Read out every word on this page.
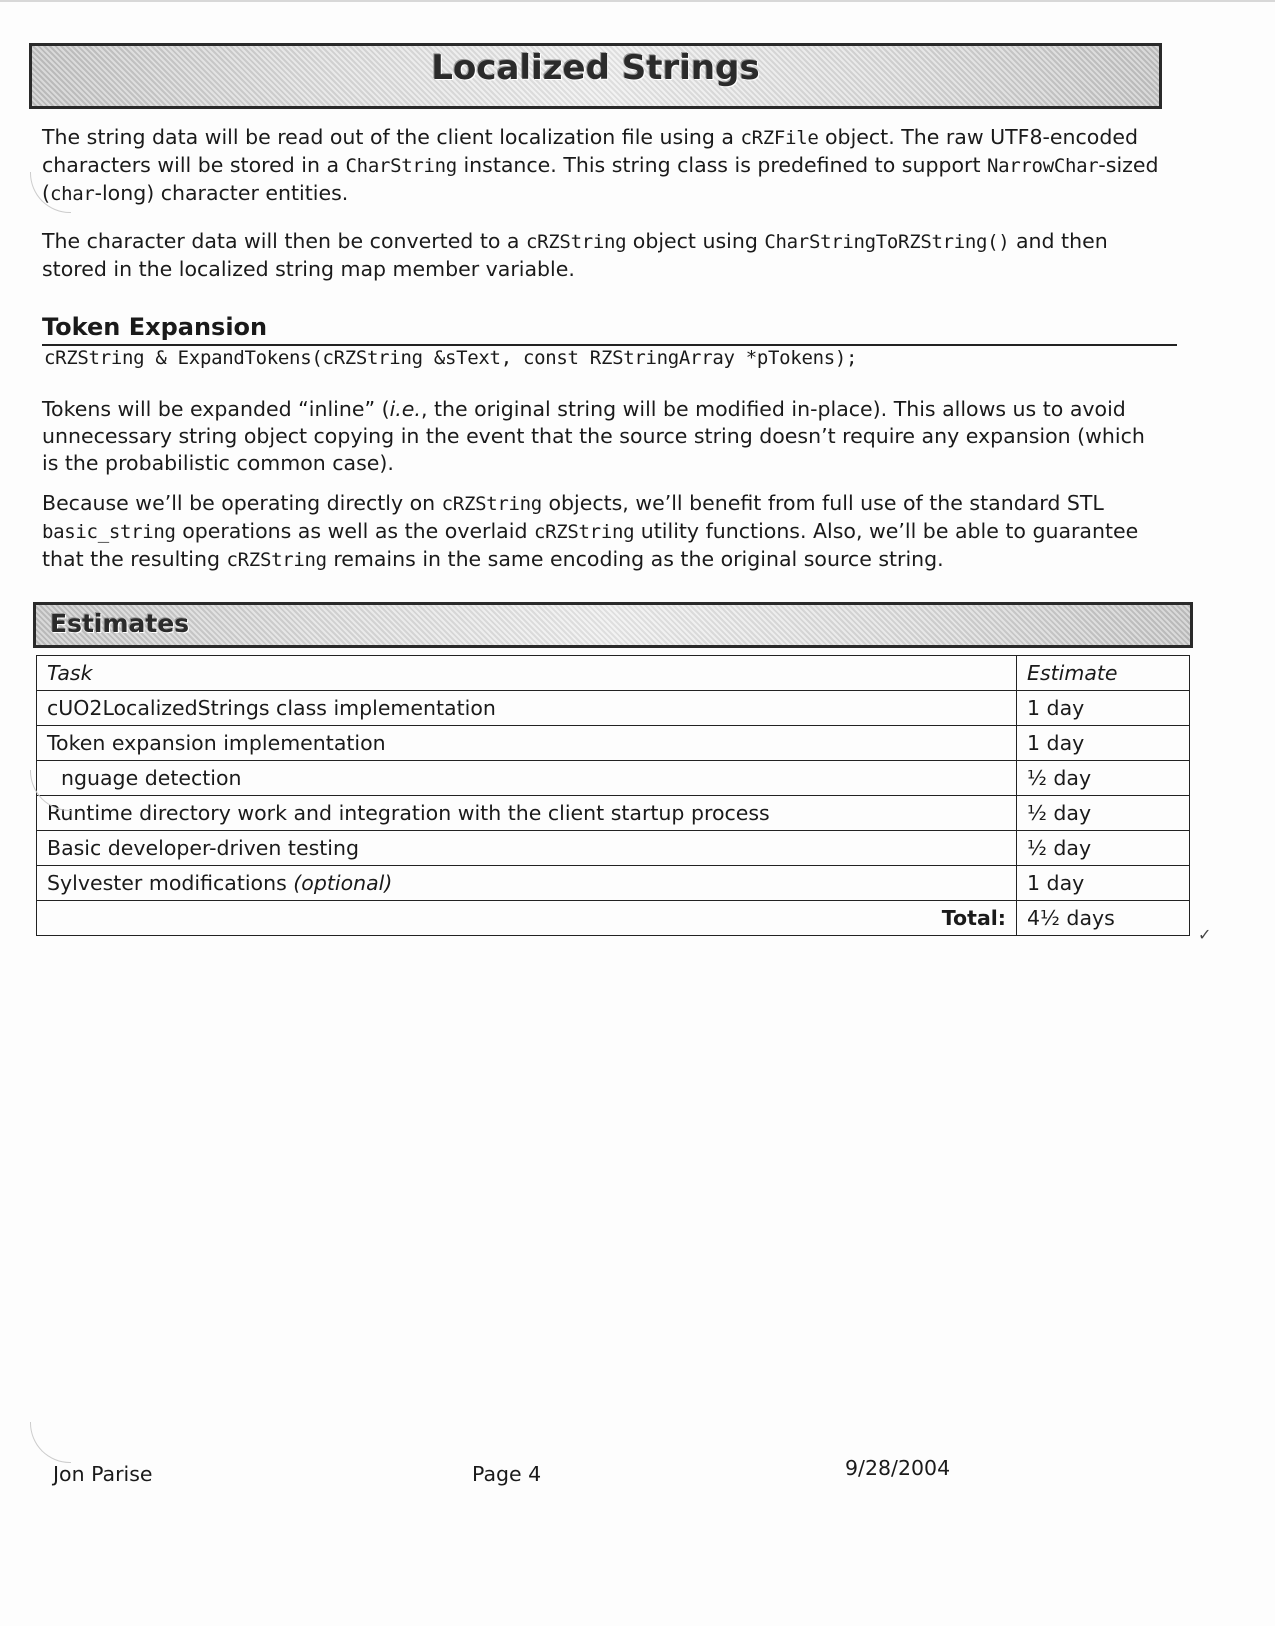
Localized Strings
The string data will be read out of the client localization file using a cRZFile object. The raw UTF8-encoded characters will be stored in a CharString instance. This string class is predefined to support NarrowChar-sized (char-long) character entities.
The character data will then be converted to a cRZString object using CharStringToRZString() and then stored in the localized string map member variable.
Token Expansion
cRZString & ExpandTokens(cRZString &sText, const RZStringArray *pTokens);
Tokens will be expanded “inline” (i.e., the original string will be modified in-place). This allows us to avoid unnecessary string object copying in the event that the source string doesn’t require any expansion (which is the probabilistic common case).
Because we’ll be operating directly on cRZString objects, we’ll benefit from full use of the standard STL basic_string operations as well as the overlaid cRZString utility functions. Also, we’ll be able to guarantee that the resulting cRZString remains in the same encoding as the original source string.
Estimates
Task	Estimate
cUO2LocalizedStrings class implementation	1 day
Token expansion implementation	1 day
nguage detection	½ day
Runtime directory work and integration with the client startup process	½ day
Basic developer-driven testing	½ day
Sylvester modifications (optional)	1 day
Total:	4½ days
✓
Jon Parise	Page 4	9/28/2004
